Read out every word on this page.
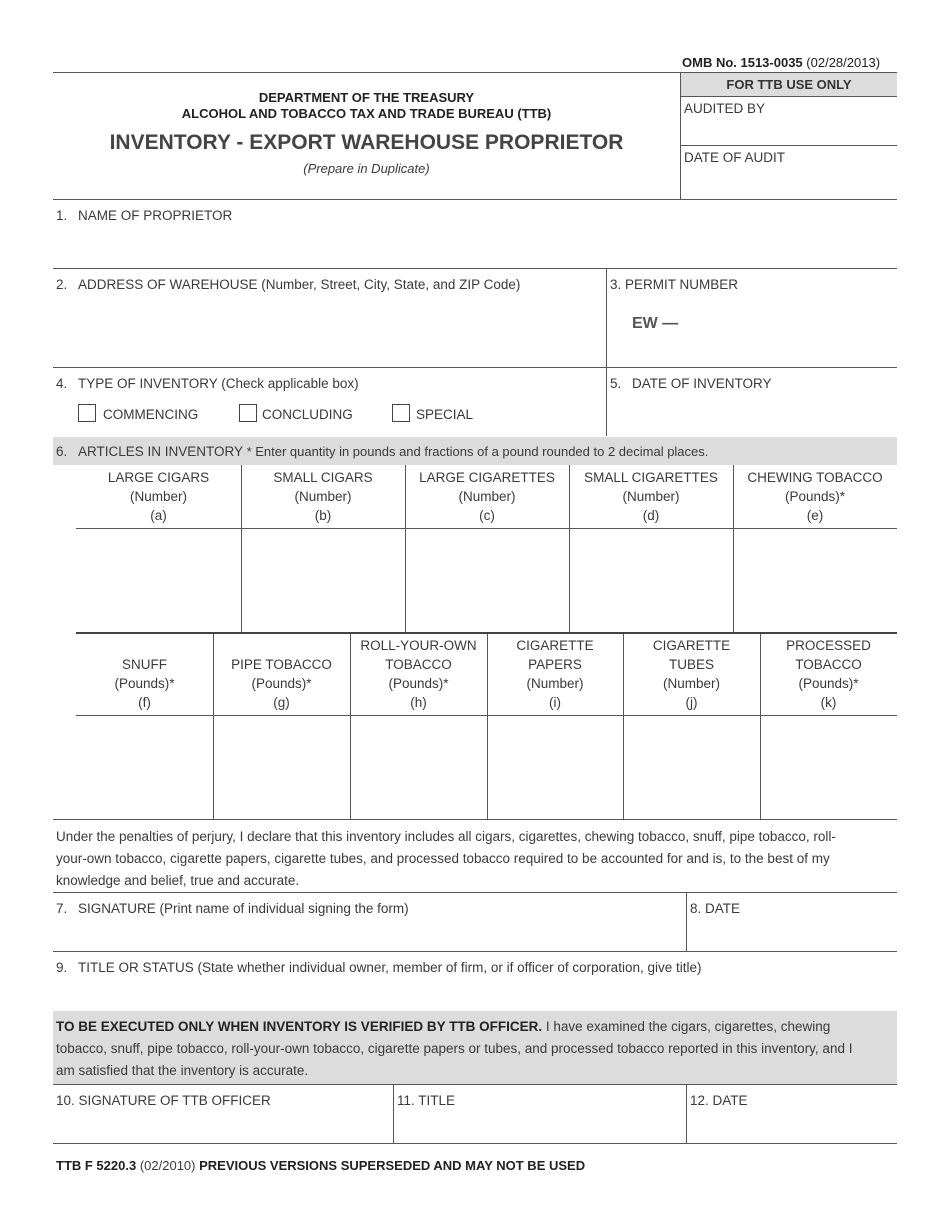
OMB No. 1513-0035 (02/28/2013)
FOR TTB USE ONLY
AUDITED BY
DATE OF AUDIT
DEPARTMENT OF THE TREASURY
ALCOHOL AND TOBACCO TAX AND TRADE BUREAU (TTB)
INVENTORY - EXPORT WAREHOUSE PROPRIETOR
(Prepare in Duplicate)
1. NAME OF PROPRIETOR
2. ADDRESS OF WAREHOUSE (Number, Street, City, State, and ZIP Code)	3. PERMIT NUMBER
EW —
4. TYPE OF INVENTORY (Check applicable box)
COMMENCING	CONCLUDING	SPECIAL
5. DATE OF INVENTORY
6. ARTICLES IN INVENTORY * Enter quantity in pounds and fractions of a pound rounded to 2 decimal places.
LARGE CIGARS
(Number)
(a)
SMALL CIGARS
(Number)
(b)
LARGE CIGARETTES
(Number)
(c)
SMALL CIGARETTES
(Number)
(d)
CHEWING TOBACCO
(Pounds)*
(e)
SNUFF
(Pounds)*
(f)
PIPE TOBACCO
(Pounds)*
(g)
ROLL-YOUR-OWN
TOBACCO
(Pounds)*
(h)
CIGARETTE
PAPERS
(Number)
(i)
CIGARETTE
TUBES
(Number)
(j)
PROCESSED
TOBACCO
(Pounds)*
(k)
Under the penalties of perjury, I declare that this inventory includes all cigars, cigarettes, chewing tobacco, snuff, pipe tobacco, roll-
your-own tobacco, cigarette papers, cigarette tubes, and processed tobacco required to be accounted for and is, to the best of my
knowledge and belief, true and accurate.
7. SIGNATURE (Print name of individual signing the form)	8. DATE
9. TITLE OR STATUS (State whether individual owner, member of firm, or if officer of corporation, give title)
TO BE EXECUTED ONLY WHEN INVENTORY IS VERIFIED BY TTB OFFICER. I have examined the cigars, cigarettes, chewing
tobacco, snuff, pipe tobacco, roll-your-own tobacco, cigarette papers or tubes, and processed tobacco reported in this inventory, and I
am satisfied that the inventory is accurate.
10. SIGNATURE OF TTB OFFICER	11. TITLE	12. DATE
TTB F 5220.3 (02/2010) PREVIOUS VERSIONS SUPERSEDED AND MAY NOT BE USED
